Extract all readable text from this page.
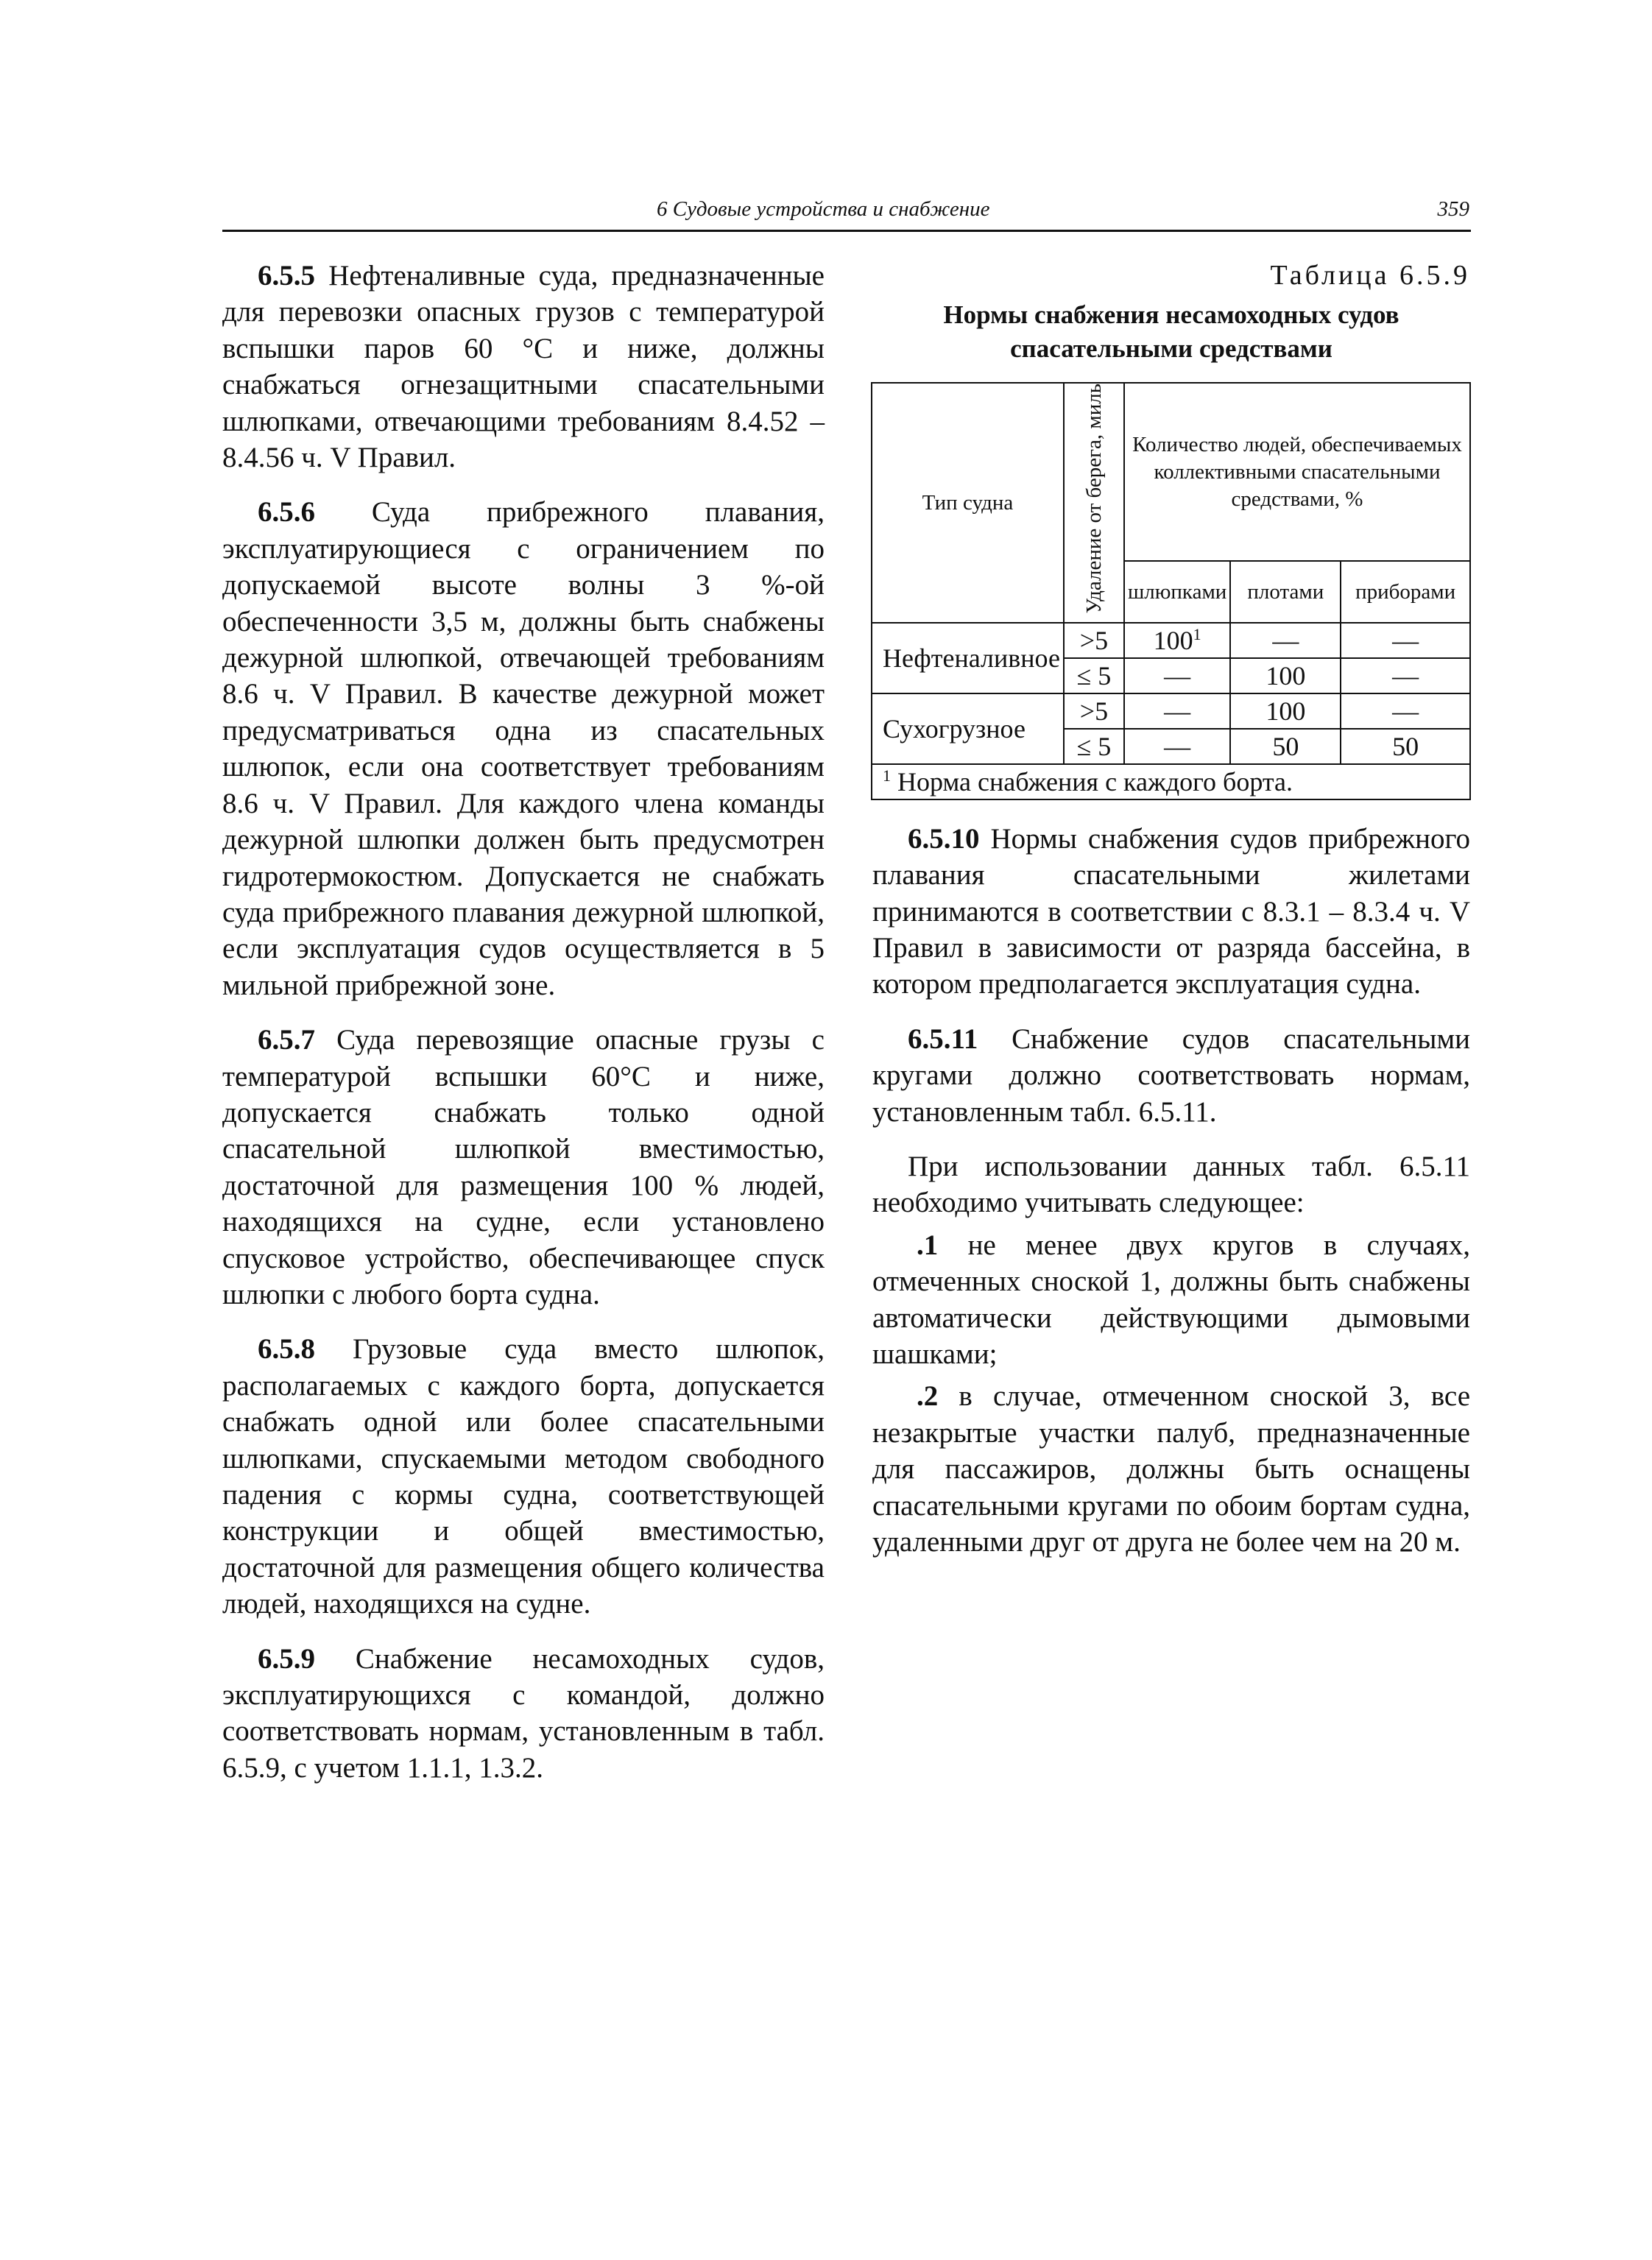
6 Судовые устройства и снабжение	359

6.5.5 Нефтеналивные суда, предназначенные для перевозки опасных грузов с температурой вспышки паров 60 °С и ниже, должны снабжаться огнезащитными спасательными шлюпками, отвечающими требованиям 8.4.52 – 8.4.56 ч. V Правил.

6.5.6 Суда прибрежного плавания, эксплуатирующиеся с ограничением по допускаемой высоте волны 3 %-ой обеспеченности 3,5 м, должны быть снабжены дежурной шлюпкой, отвечающей требованиям 8.6 ч. V Правил. В качестве дежурной может предусматриваться одна из спасательных шлюпок, если она соответствует требованиям 8.6 ч. V Правил. Для каждого члена команды дежурной шлюпки должен быть предусмотрен гидротермокостюм. Допускается не снабжать суда прибрежного плавания дежурной шлюпкой, если эксплуатация судов осуществляется в 5 мильной прибрежной зоне.

6.5.7 Суда перевозящие опасные грузы с температурой вспышки 60°С и ниже, допускается снабжать только одной спасательной шлюпкой вместимостью, достаточной для размещения 100 % людей, находящихся на судне, если установлено спусковое устройство, обеспечивающее спуск шлюпки с любого борта судна.

6.5.8 Грузовые суда вместо шлюпок, располагаемых с каждого борта, допускается снабжать одной или более спасательными шлюпками, спускаемыми методом свободного падения с кормы судна, соответствующей конструкции и общей вместимостью, достаточной для размещения общего количества людей, находящихся на судне.

6.5.9 Снабжение несамоходных судов, эксплуатирующихся с командой, должно соответствовать нормам, установленным в табл. 6.5.9, с учетом 1.1.1, 1.3.2.

Таблица 6.5.9
Нормы снабжения несамоходных судов спасательными средствами
Тип судна	Удаление от берега, миль	Количество людей, обеспечиваемых коллективными спасательными средствами, %		
		шлюпками	плотами	приборами
Нефтеналивное	>5	$100^1$	—	—
	≤ 5	—	100	—
Сухогрузное	>5	—	100	—
	≤ 5	—	50	50
$^1$ Норма снабжения с каждого борта.				

6.5.10 Нормы снабжения судов прибрежного плавания спасательными жилетами принимаются в соответствии с 8.3.1 – 8.3.4 ч. V Правил в зависимости от разряда бассейна, в котором предполагается эксплуатация судна.

6.5.11 Снабжение судов спасательными кругами должно соответствовать нормам, установленным табл. 6.5.11.

При использовании данных табл. 6.5.11 необходимо учитывать следующее:

.1 не менее двух кругов в случаях, отмеченных сноской 1, должны быть снабжены автоматически действующими дымовыми шашками;

.2 в случае, отмеченном сноской 3, все незакрытые участки палуб, предназначенные для пассажиров, должны быть оснащены спасательными кругами по обоим бортам судна, удаленными друг от друга не более чем на 20 м.
